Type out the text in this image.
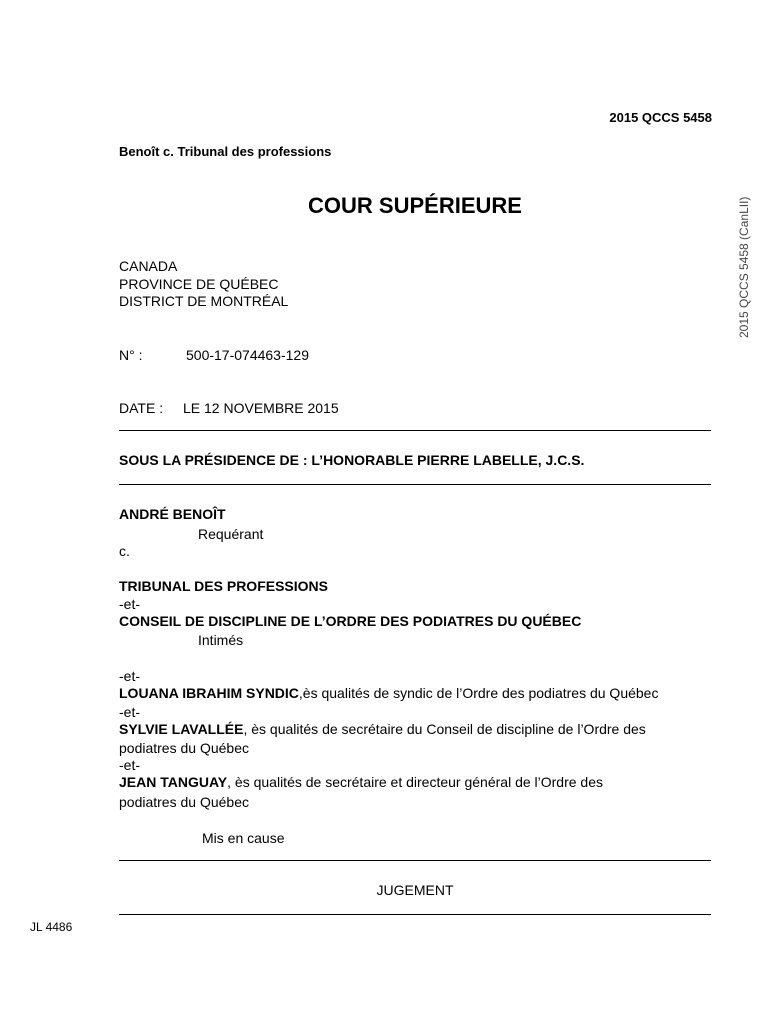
2015 QCCS 5458
Benoît c. Tribunal des professions
COUR SUPÉRIEURE	2015 QCCS 5458 (CanLII)
CANADA
PROVINCE DE QUÉBEC
DISTRICT DE MONTRÉAL
N° :	500-17-074463-129
DATE : LE 12 NOVEMBRE 2015
SOUS LA PRÉSIDENCE DE : L’HONORABLE PIERRE LABELLE, J.C.S.
ANDRÉ BENOÎT
Requérant
c.
TRIBUNAL DES PROFESSIONS
-et-
CONSEIL DE DISCIPLINE DE L’ORDRE DES PODIATRES DU QUÉBEC
Intimés
-et-
LOUANA IBRAHIM SYNDIC,ès qualités de syndic de l’Ordre des podiatres du Québec
-et-
SYLVIE LAVALLÉE, ès qualités de secrétaire du Conseil de discipline de l’Ordre des
podiatres du Québec
-et-
JEAN TANGUAY, ès qualités de secrétaire et directeur général de l’Ordre des
podiatres du Québec
Mis en cause
JUGEMENT
JL 4486
